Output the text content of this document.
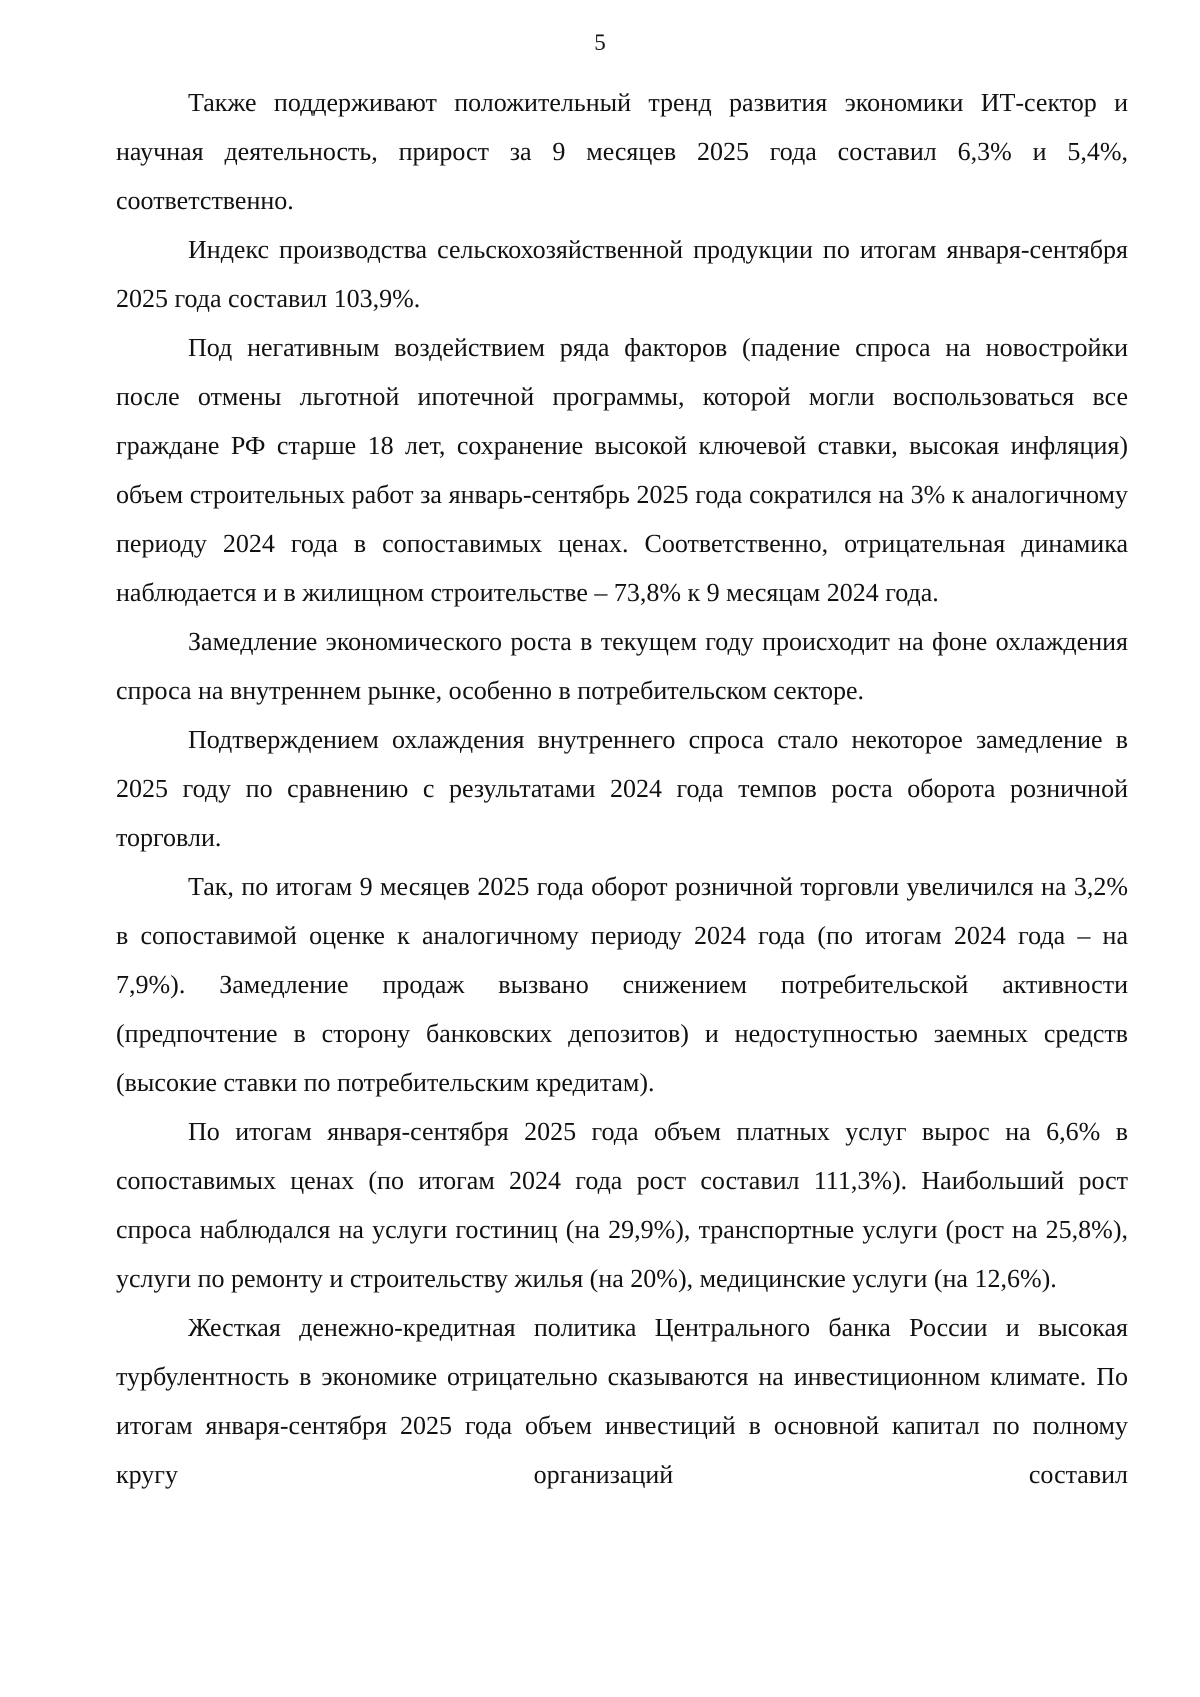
5

Также поддерживают положительный тренд развития экономики ИТ-сектор и научная деятельность, прирост за 9 месяцев 2025 года составил 6,3% и 5,4%, соответственно.

Индекс производства сельскохозяйственной продукции по итогам января-сентября 2025 года составил 103,9%.

Под негативным воздействием ряда факторов (падение спроса на новостройки после отмены льготной ипотечной программы, которой могли воспользоваться все граждане РФ старше 18 лет, сохранение высокой ключевой ставки, высокая инфляция) объем строительных работ за январь-сентябрь 2025 года сократился на 3% к аналогичному периоду 2024 года в сопоставимых ценах. Соответственно, отрицательная динамика наблюдается и в жилищном строительстве – 73,8% к 9 месяцам 2024 года.

Замедление экономического роста в текущем году происходит на фоне охлаждения спроса на внутреннем рынке, особенно в потребительском секторе.

Подтверждением охлаждения внутреннего спроса стало некоторое замедление в 2025 году по сравнению с результатами 2024 года темпов роста оборота розничной торговли.

Так, по итогам 9 месяцев 2025 года оборот розничной торговли увеличился на 3,2% в сопоставимой оценке к аналогичному периоду 2024 года (по итогам 2024 года – на 7,9%). Замедление продаж вызвано снижением потребительской активности (предпочтение в сторону банковских депозитов) и недоступностью заемных средств (высокие ставки по потребительским кредитам).

По итогам января-сентября 2025 года объем платных услуг вырос на 6,6% в сопоставимых ценах (по итогам 2024 года рост составил 111,3%). Наибольший рост спроса наблюдался на услуги гостиниц (на 29,9%), транспортные услуги (рост на 25,8%), услуги по ремонту и строительству жилья (на 20%), медицинские услуги (на 12,6%).

Жесткая денежно-кредитная политика Центрального банка России и высокая турбулентность в экономике отрицательно сказываются на инвестиционном климате. По итогам января-сентября 2025 года объем инвестиций в основной капитал по полному кругу организаций составил
